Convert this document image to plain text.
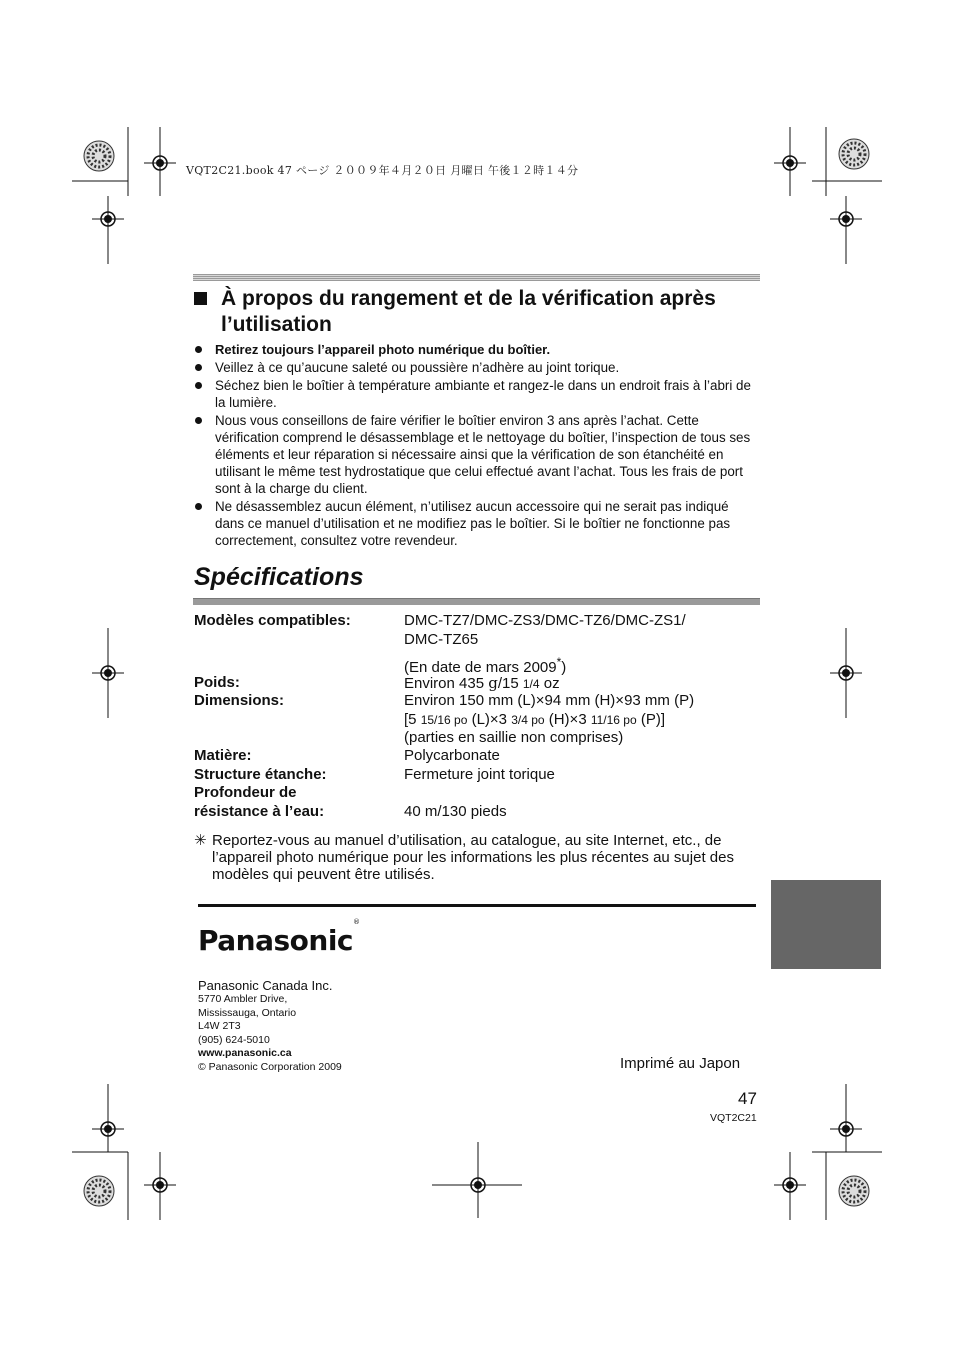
VQT2C21.book 47 ページ ２００９年４月２０日 月曜日 午後１２時１４分
À propos du rangement et de la vérification après l’utilisation
Retirez toujours l’appareil photo numérique du boîtier.
Veillez à ce qu’aucune saleté ou poussière n’adhère au joint torique.
Séchez bien le boîtier à température ambiante et rangez-le dans un endroit frais à l’abri de la lumière.
Nous vous conseillons de faire vérifier le boîtier environ 3 ans après l’achat. Cette vérification comprend le désassemblage et le nettoyage du boîtier, l’inspection de tous ses éléments et leur réparation si nécessaire ainsi que la vérification de son étanchéité en utilisant le même test hydrostatique que celui effectué avant l’achat. Tous les frais de port sont à la charge du client.
Ne désassemblez aucun élément, n’utilisez aucun accessoire qui ne serait pas indiqué dans ce manuel d’utilisation et ne modifiez pas le boîtier. Si le boîtier ne fonctionne pas correctement, consultez votre revendeur.
Spécifications
Modèles compatibles:	DMC-TZ7/DMC-ZS3/DMC-TZ6/DMC-ZS1/
DMC-TZ65
(En date de mars 2009*)
Poids:	Environ 435 g/15 1/4 oz
Dimensions:	Environ 150 mm (L)×94 mm (H)×93 mm (P)
[5 15/16 po (L)×3 3/4 po (H)×3 11/16 po (P)]
(parties en saillie non comprises)
Matière:	Polycarbonate
Structure étanche:	Fermeture joint torique
Profondeur de
résistance à l’eau:	40 m/130 pieds
✳ Reportez-vous au manuel d’utilisation, au catalogue, au site Internet, etc., de l’appareil photo numérique pour les informations les plus récentes au sujet des modèles qui peuvent être utilisés.
Panasonic®
Panasonic Canada Inc.
5770 Ambler Drive,
Mississauga, Ontario
L4W 2T3
(905) 624-5010
www.panasonic.ca
© Panasonic Corporation 2009	Imprimé au Japon
47
VQT2C21
